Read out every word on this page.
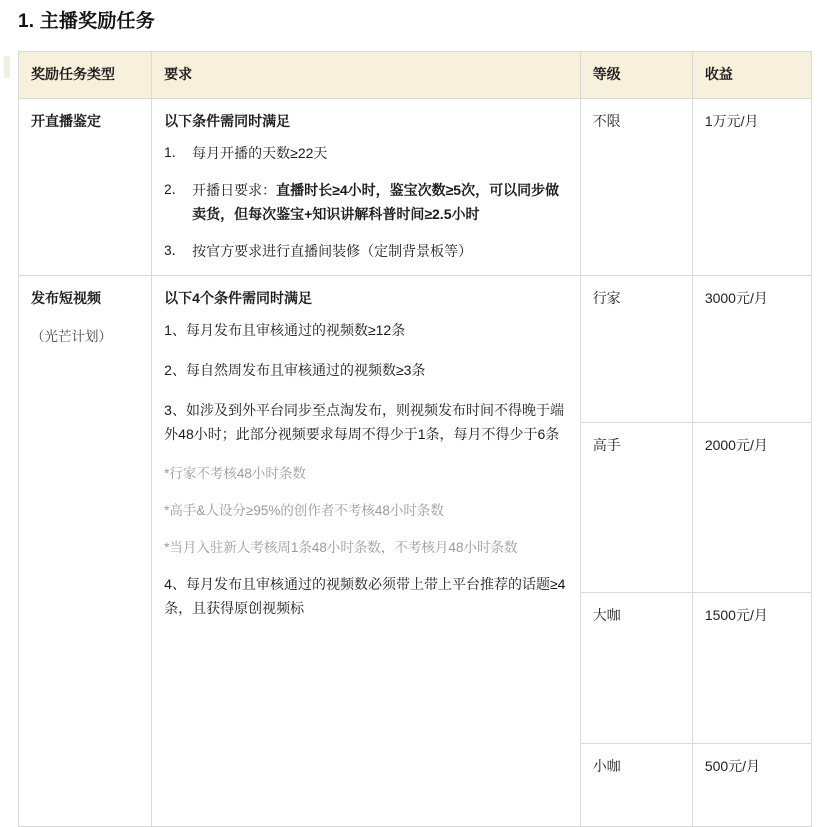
1. 主播奖励任务
奖励任务类型	要求	等级	收益
开直播鉴定	以下条件需同时满足
1． 每月开播的天数≥22天
2． 开播日要求：直播时长≥4小时，鉴宝次数≥5次，可以同步做卖货，但每次鉴宝+知识讲解科普时间≥2.5小时
3． 按官方要求进行直播间装修（定制背景板等）
	不限	1万元/月
发布短视频
（光芒计划）

以下4个条件需同时满足
1、每月发布且审核通过的视频数≥12条
2、每自然周发布且审核通过的视频数≥3条
3、如涉及到外平台同步至点淘发布，则视频发布时间不得晚于端外48小时；此部分视频要求每周不得少于1条，每月不得少于6条
*行家不考核48小时条数
*高手&人设分≥95%的创作者不考核48小时条数
*当月入驻新人考核周1条48小时条数，不考核月48小时条数
4、每月发布且审核通过的视频数必须带上带上平台推荐的话题≥4条，且获得原创视频标
	行家	3000元/月
		高手	2000元/月
		大咖	1500元/月
		小咖	500元/月
